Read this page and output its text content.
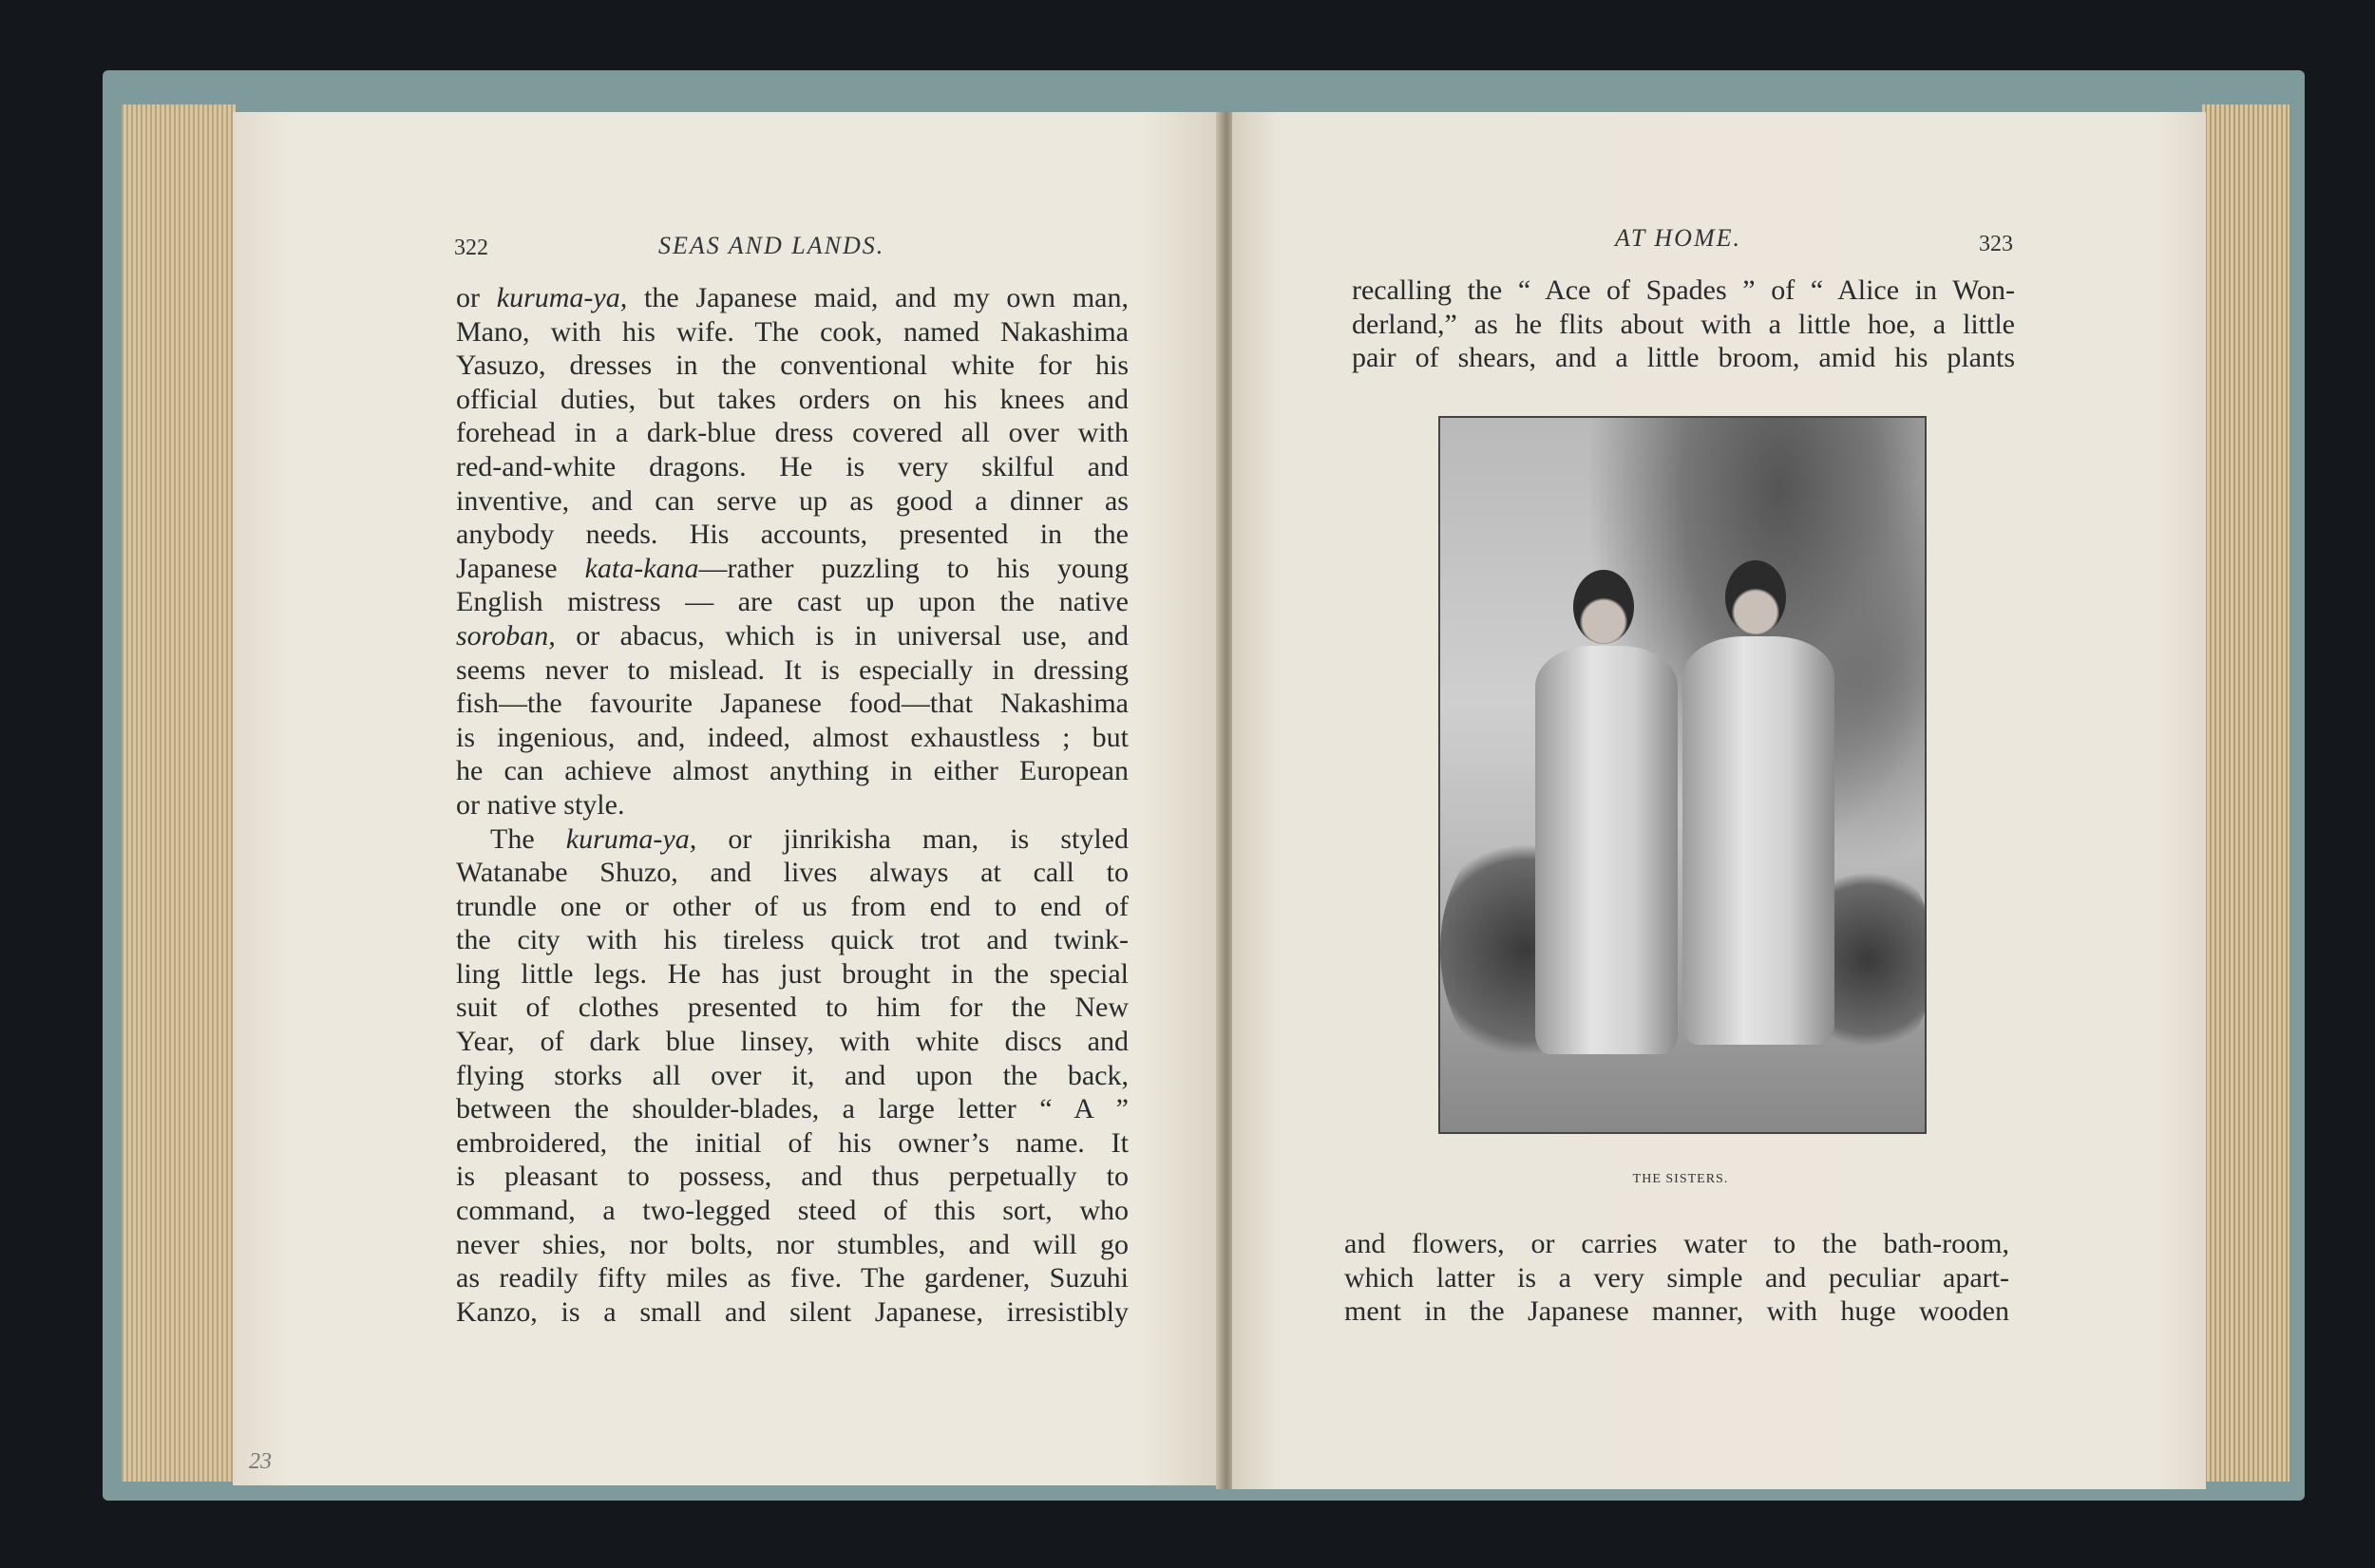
322	SEAS AND LANDS.
or kuruma-ya, the Japanese maid, and my own man,
Mano, with his wife. The cook, named Nakashima
Yasuzo, dresses in the conventional white for his
official duties, but takes orders on his knees and
forehead in a dark-blue dress covered all over with
red-and-white dragons. He is very skilful and
inventive, and can serve up as good a dinner as
anybody needs. His accounts, presented in the
Japanese kata-kana—rather puzzling to his young
English mistress — are cast up upon the native
soroban, or abacus, which is in universal use, and
seems never to mislead. It is especially in dressing
fish—the favourite Japanese food—that Nakashima
is ingenious, and, indeed, almost exhaustless ; but
he can achieve almost anything in either European
or native style.
The kuruma-ya, or jinrikisha man, is styled
Watanabe Shuzo, and lives always at call to
trundle one or other of us from end to end of
the city with his tireless quick trot and twink-
ling little legs. He has just brought in the special
suit of clothes presented to him for the New
Year, of dark blue linsey, with white discs and
flying storks all over it, and upon the back,
between the shoulder-blades, a large letter “ A ”
embroidered, the initial of his owner’s name. It
is pleasant to possess, and thus perpetually to
command, a two-legged steed of this sort, who
never shies, nor bolts, nor stumbles, and will go
as readily fifty miles as five. The gardener, Suzuhi
Kanzo, is a small and silent Japanese, irresistibly
23
AT HOME.	323
recalling the “ Ace of Spades ” of “ Alice in Won-
derland,” as he flits about with a little hoe, a little
pair of shears, and a little broom, amid his plants
THE SISTERS.
and flowers, or carries water to the bath-room,
which latter is a very simple and peculiar apart-
ment in the Japanese manner, with huge wooden
